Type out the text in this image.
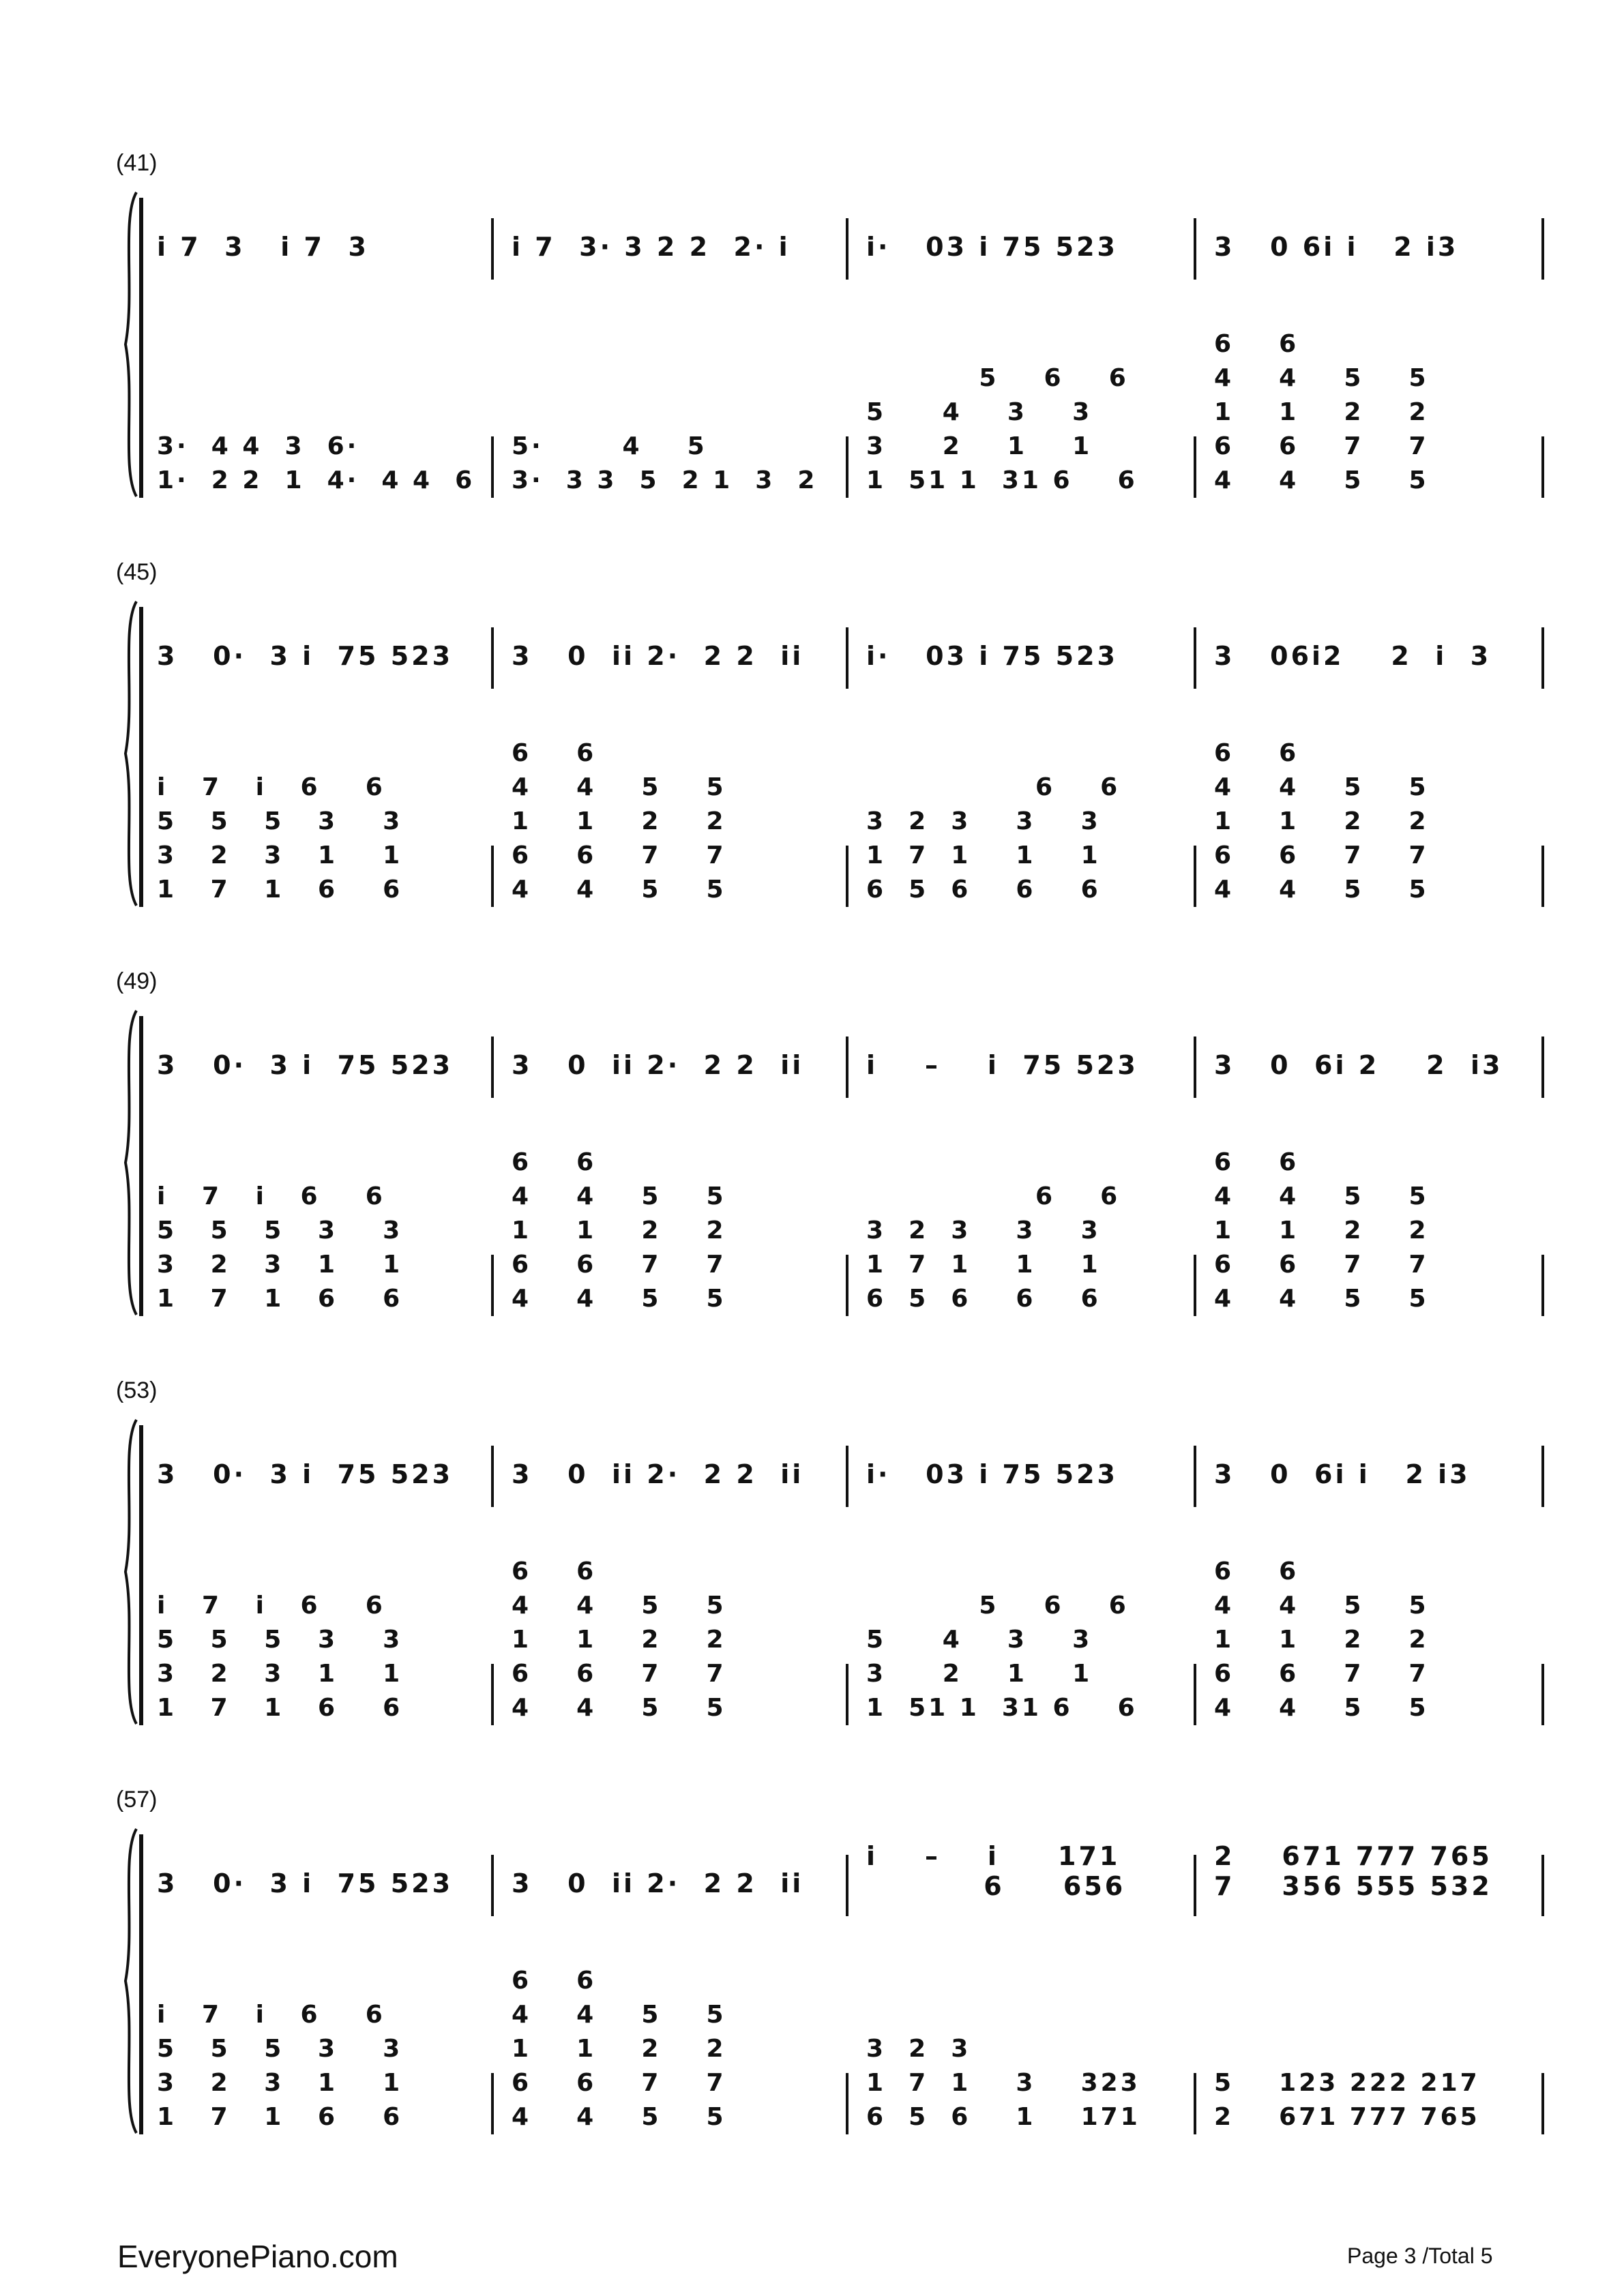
(41)
i 7  3   i 7  3	i 7  3· 3 2 2  2· i	i·   03 i 75 523	3   0 6i i   2 i3
3·  4 4  3  6·
1·  2 2  1  4·  4 4  6
5·       4    5
3·  3 3  5  2 1  3  2
5    6    6
5     4    3    3
3     2    1    1
1  51 1  31 6    6
6    6
4    4    5    5
1    1    2    2
6    6    7    7
4    4    5    5
(45)
3   0·  3 i  75 523 3   0  ii 2·  2 2  ii i·   03 i 75 523	3   06i2    2  i  3
i   7   i   6    6
5   5   5   3    3
3   2   3   1    1
1   7   1   6    6
6    6
4    4    5    5
1    1    2    2
6    6    7    7
4    4    5    5
6    6
3  2  3    3    3
1  7  1    1    1
6  5  6    6    6
6    6
4    4    5    5
1    1    2    2
6    6    7    7
4    4    5    5
(49)
3   0·  3 i  75 523 3   0  ii 2·  2 2  ii i    –    i  75 523	3   0  6i 2    2  i3
i   7   i   6    6
5   5   5   3    3
3   2   3   1    1
1   7   1   6    6
6    6
4    4    5    5
1    1    2    2
6    6    7    7
4    4    5    5
6    6
3  2  3    3    3
1  7  1    1    1
6  5  6    6    6
6    6
4    4    5    5
1    1    2    2
6    6    7    7
4    4    5    5
(53)
3   0·  3 i  75 523 3   0  ii 2·  2 2  ii i·   03 i 75 523	3   0  6i i   2 i3
i   7   i   6    6
5   5   5   3    3
3   2   3   1    1
1   7   1   6    6
6    6
4    4    5    5
1    1    2    2
6    6    7    7
4    4    5    5
5    6    6
5     4    3    3
3     2    1    1
1  51 1  31 6    6
6    6
4    4    5    5
1    1    2    2
6    6    7    7
4    4    5    5
(57)
3   0·  3 i  75 523 3   0  ii 2·  2 2  ii
i    –    i     171
6     656
2    671 777 765
7    356 555 532
i   7   i   6    6
5   5   5   3    3
3   2   3   1    1
1   7   1   6    6
6    6
4    4    5    5
1    1    2    2
6    6    7    7
4    4    5    5
3  2  3
1  7  1    3    323
6  5  6    1    171
5    123 222 217
2    671 777 765
EveryonePiano.com	Page 3 /Total 5
